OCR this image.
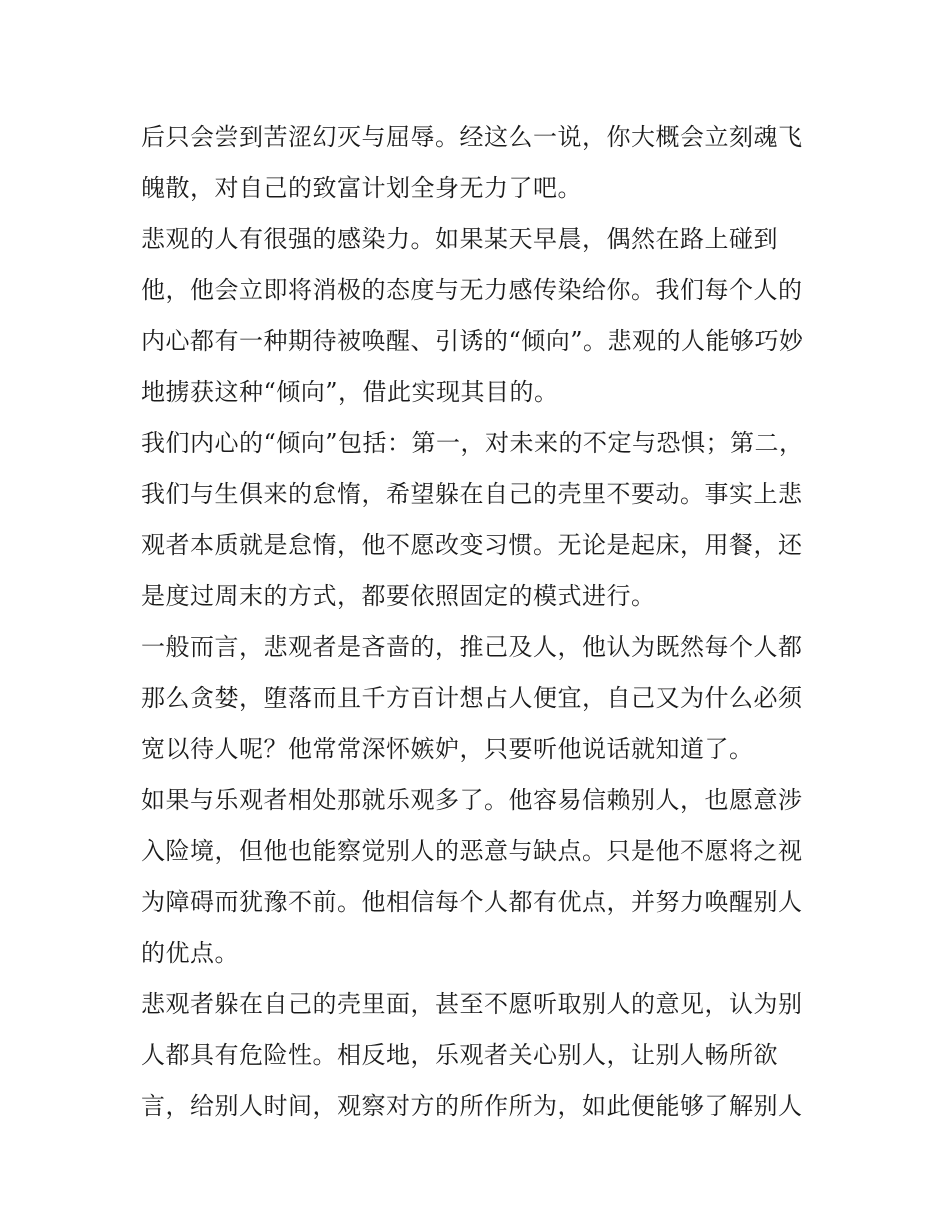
后只会尝到苦涩幻灭与屈辱。经这么一说，你大概会立刻魂飞
魄散，对自己的致富计划全身无力了吧。
悲观的人有很强的感染力。如果某天早晨，偶然在路上碰到
他，他会立即将消极的态度与无力感传染给你。我们每个人的
内心都有一种期待被唤醒、引诱的“倾向”。悲观的人能够巧妙
地掳获这种“倾向”，借此实现其目的。
我们内心的“倾向”包括：第一，对未来的不定与恐惧；第二，
我们与生俱来的怠惰，希望躲在自己的壳里不要动。事实上悲
观者本质就是怠惰，他不愿改变习惯。无论是起床，用餐，还
是度过周末的方式，都要依照固定的模式进行。
一般而言，悲观者是吝啬的，推己及人，他认为既然每个人都
那么贪婪，堕落而且千方百计想占人便宜，自己又为什么必须
宽以待人呢？他常常深怀嫉妒，只要听他说话就知道了。
如果与乐观者相处那就乐观多了。他容易信赖别人，也愿意涉
入险境，但他也能察觉别人的恶意与缺点。只是他不愿将之视
为障碍而犹豫不前。他相信每个人都有优点，并努力唤醒别人
的优点。
悲观者躲在自己的壳里面，甚至不愿听取别人的意见，认为别
人都具有危险性。相反地，乐观者关心别人，让别人畅所欲
言，给别人时间，观察对方的所作所为，如此便能够了解别人
